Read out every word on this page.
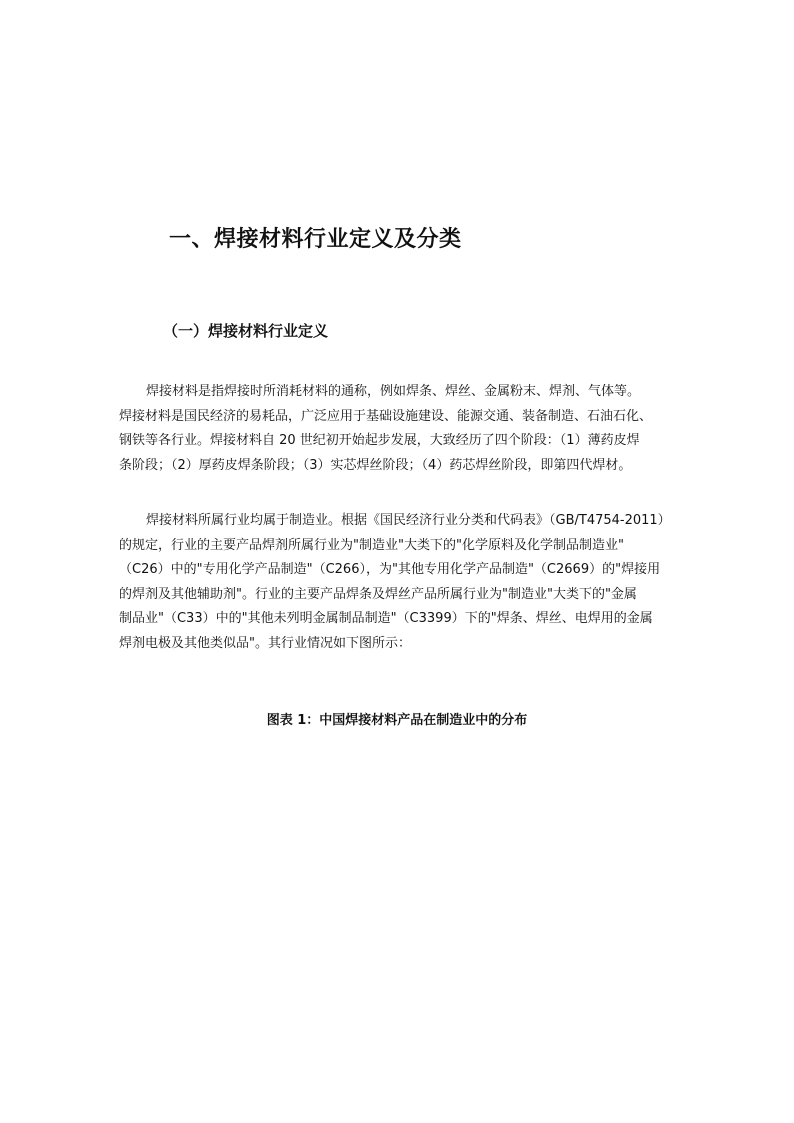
一、焊接材料行业定义及分类
（一）焊接材料行业定义

焊接材料是指焊接时所消耗材料的通称，例如焊条、焊丝、金属粉末、焊剂、气体等。
焊接材料是国民经济的易耗品，广泛应用于基础设施建设、能源交通、装备制造、石油石化、
钢铁等各行业。焊接材料自 20 世纪初开始起步发展，大致经历了四个阶段：（1）薄药皮焊
条阶段；（2）厚药皮焊条阶段；（3）实芯焊丝阶段；（4）药芯焊丝阶段，即第四代焊材。

焊接材料所属行业均属于制造业。根据《国民经济行业分类和代码表》（GB/T4754-2011）
的规定，行业的主要产品焊剂所属行业为"制造业"大类下的"化学原料及化学制品制造业"
（C26）中的"专用化学产品制造"（C266），为"其他专用化学产品制造"（C2669）的"焊接用
的焊剂及其他辅助剂"。行业的主要产品焊条及焊丝产品所属行业为"制造业"大类下的"金属
制品业"（C33）中的"其他未列明金属制品制造"（C3399）下的"焊条、焊丝、电焊用的金属
焊剂电极及其他类似品"。其行业情况如下图所示：

图表 1：中国焊接材料产品在制造业中的分布
